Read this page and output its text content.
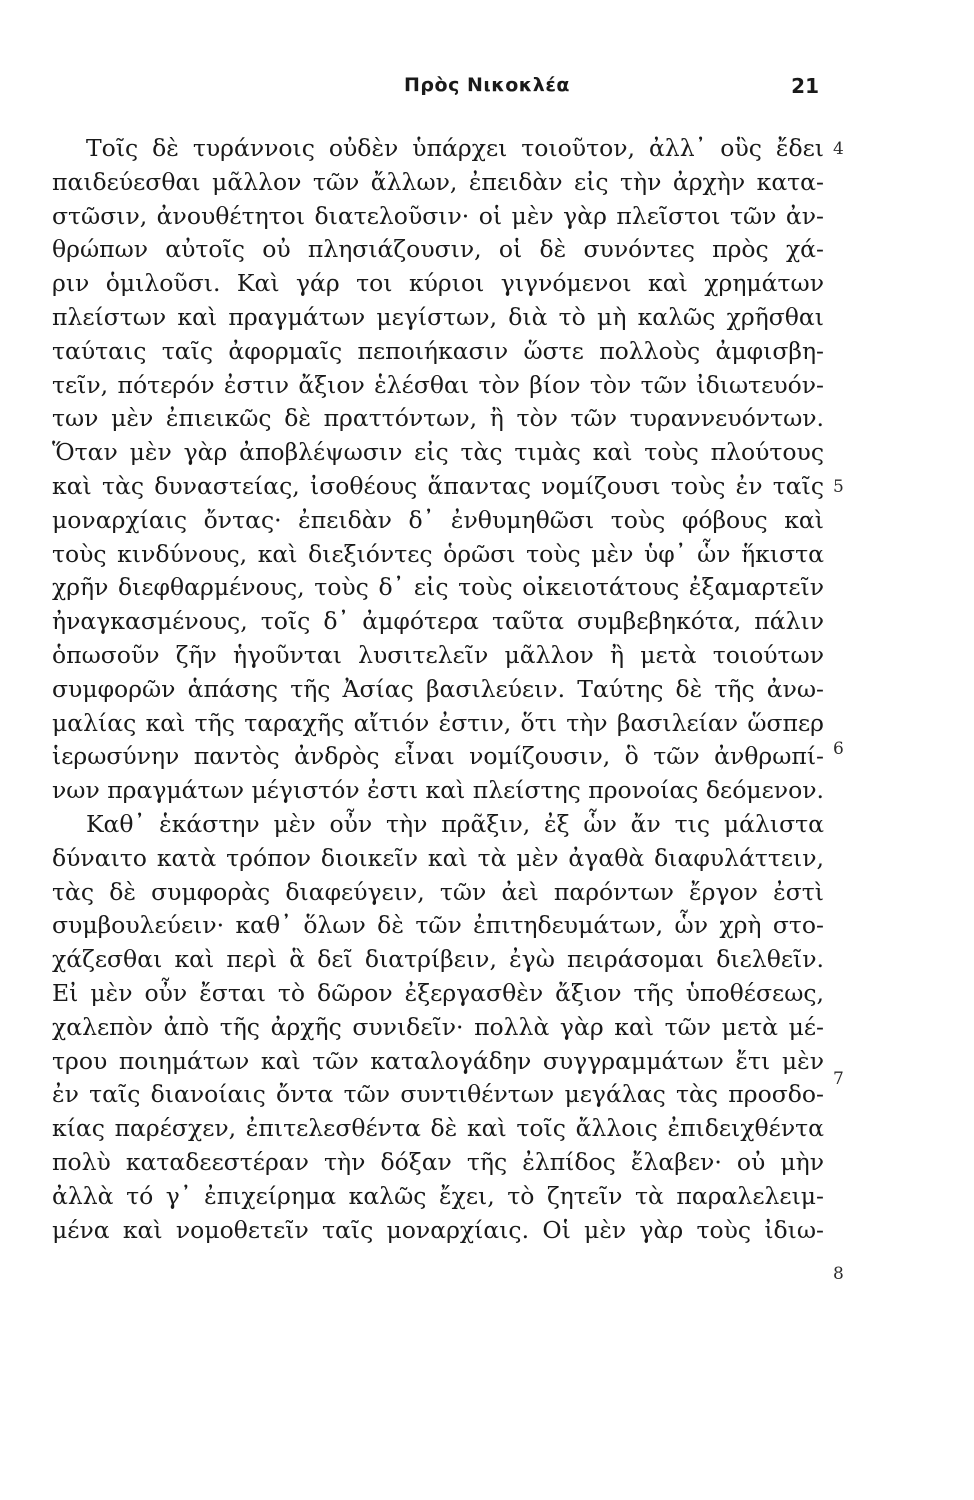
Πρὸς Νικοκλέα	21
Τοῖς δὲ τυράννοις οὐδὲν ὑπάρχει τοιοῦτον, ἀλλ᾽ οὓς ἔδει
παιδεύεσθαι μᾶλλον τῶν ἄλλων, ἐπειδὰν εἰς τὴν ἀρχὴν κατα-
στῶσιν, ἀνουθέτητοι διατελοῦσιν· οἱ μὲν γὰρ πλεῖστοι τῶν ἀν-
θρώπων αὐτοῖς οὐ πλησιάζουσιν, οἱ δὲ συνόντες πρὸς χά-
ριν ὁμιλοῦσι. Καὶ γάρ τοι κύριοι γιγνόμενοι καὶ χρημάτων
πλείστων καὶ πραγμάτων μεγίστων, διὰ τὸ μὴ καλῶς χρῆσθαι
ταύταις ταῖς ἀφορμαῖς πεποιήκασιν ὥστε πολλοὺς ἀμφισβη-
τεῖν, πότερόν ἐστιν ἄξιον ἑλέσθαι τὸν βίον τὸν τῶν ἰδιωτευόν-
των μὲν ἐπιεικῶς δὲ πραττόντων, ἢ τὸν τῶν τυραννευόντων.
Ὅταν μὲν γὰρ ἀποβλέψωσιν εἰς τὰς τιμὰς καὶ τοὺς πλούτους
καὶ τὰς δυναστείας, ἰσοθέους ἅπαντας νομίζουσι τοὺς ἐν ταῖς
μοναρχίαις ὄντας· ἐπειδὰν δ᾽ ἐνθυμηθῶσι τοὺς φόβους καὶ
τοὺς κινδύνους, καὶ διεξιόντες ὁρῶσι τοὺς μὲν ὑφ᾽ ὧν ἥκιστα
χρῆν διεφθαρμένους, τοὺς δ᾽ εἰς τοὺς οἰκειοτάτους ἐξαμαρτεῖν
ἠναγκασμένους, τοῖς δ᾽ ἀμφότερα ταῦτα συμβεβηκότα, πάλιν
ὁπωσοῦν ζῆν ἡγοῦνται λυσιτελεῖν μᾶλλον ἢ μετὰ τοιούτων
συμφορῶν ἁπάσης τῆς Ἀσίας βασιλεύειν. Ταύτης δὲ τῆς ἀνω-
μαλίας καὶ τῆς ταραχῆς αἴτιόν ἐστιν, ὅτι τὴν βασιλείαν ὥσπερ
ἱερωσύνην παντὸς ἀνδρὸς εἶναι νομίζουσιν, ὃ τῶν ἀνθρωπί-
νων πραγμάτων μέγιστόν ἐστι καὶ πλείστης προνοίας δεόμενον.
Καθ᾽ ἑκάστην μὲν οὖν τὴν πρᾶξιν, ἐξ ὧν ἄν τις μάλιστα
δύναιτο κατὰ τρόπον διοικεῖν καὶ τὰ μὲν ἀγαθὰ διαφυλάττειν,
τὰς δὲ συμφορὰς διαφεύγειν, τῶν ἀεὶ παρόντων ἔργον ἐστὶ
συμβουλεύειν· καθ᾽ ὅλων δὲ τῶν ἐπιτηδευμάτων, ὧν χρὴ στο-
χάζεσθαι καὶ περὶ ἃ δεῖ διατρίβειν, ἐγὼ πειράσομαι διελθεῖν.
Εἰ μὲν οὖν ἔσται τὸ δῶρον ἐξεργασθὲν ἄξιον τῆς ὑποθέσεως,
χαλεπὸν ἀπὸ τῆς ἀρχῆς συνιδεῖν· πολλὰ γὰρ καὶ τῶν μετὰ μέ-
τρου ποιημάτων καὶ τῶν καταλογάδην συγγραμμάτων ἔτι μὲν
ἐν ταῖς διανοίαις ὄντα τῶν συντιθέντων μεγάλας τὰς προσδο-
κίας παρέσχεν, ἐπιτελεσθέντα δὲ καὶ τοῖς ἄλλοις ἐπιδειχθέντα
πολὺ καταδεεστέραν τὴν δόξαν τῆς ἐλπίδος ἔλαβεν· οὐ μὴν
ἀλλὰ τό γ᾽ ἐπιχείρημα καλῶς ἔχει, τὸ ζητεῖν τὰ παραλελειμ-
μένα καὶ νομοθετεῖν ταῖς μοναρχίαις. Οἱ μὲν γὰρ τοὺς ἰδιω-
4
5
6
7
8
